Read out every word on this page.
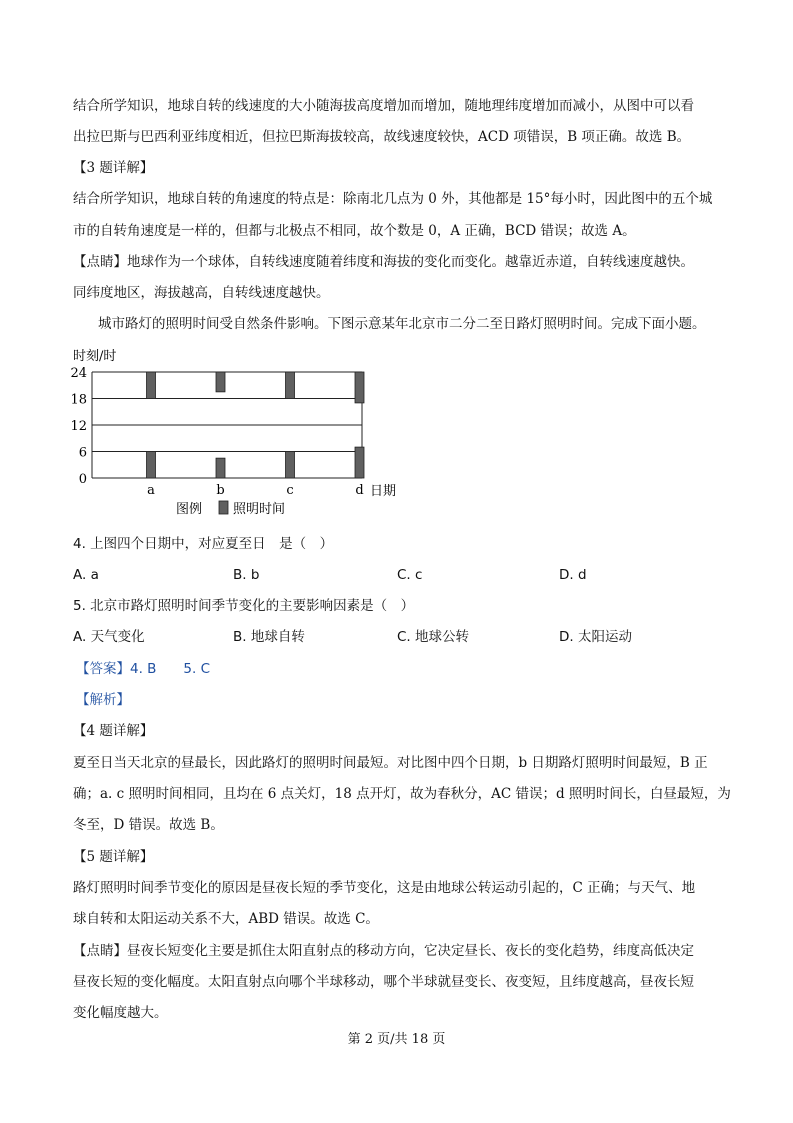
结合所学知识，地球自转的线速度的大小随海拔高度增加而增加，随地理纬度增加而减小，从图中可以看
出拉巴斯与巴西利亚纬度相近，但拉巴斯海拔较高，故线速度较快，ACD 项错误，B 项正确。故选 B。
【3 题详解】
结合所学知识，地球自转的角速度的特点是：除南北几点为 0 外，其他都是 15°每小时，因此图中的五个城
市的自转角速度是一样的，但都与北极点不相同，故个数是 0，A 正确，BCD 错误；故选 A。
【点睛】地球作为一个球体，自转线速度随着纬度和海拔的变化而变化。越靠近赤道，自转线速度越快。
同纬度地区，海拔越高，自转线速度越快。
城市路灯的照明时间受自然条件影响。下图示意某年北京市二分二至日路灯照明时间。完成下面小题。
时刻/时
0
6
12
18
24
a	b	c	d 日期
图例 照明时间
4. 上图四个日期中，对应夏至日　是（　）
A. a	B. b	C. c	D. d
5. 北京市路灯照明时间季节变化的主要影响因素是（　）
A. 天气变化	B. 地球自转	C. 地球公转	D. 太阳运动
【答案】4. B　　5. C
【解析】
【4 题详解】
夏至日当天北京的昼最长，因此路灯的照明时间最短。对比图中四个日期，b 日期路灯照明时间最短，B 正
确；a. c 照明时间相同，且均在 6 点关灯，18 点开灯，故为春秋分，AC 错误；d 照明时间长，白昼最短，为
冬至，D 错误。故选 B。
【5 题详解】
路灯照明时间季节变化的原因是昼夜长短的季节变化，这是由地球公转运动引起的，C 正确；与天气、地
球自转和太阳运动关系不大，ABD 错误。故选 C。
【点睛】昼夜长短变化主要是抓住太阳直射点的移动方向，它决定昼长、夜长的变化趋势，纬度高低决定
昼夜长短的变化幅度。太阳直射点向哪个半球移动，哪个半球就昼变长、夜变短，且纬度越高，昼夜长短
变化幅度越大。
第 2 页/共 18 页
